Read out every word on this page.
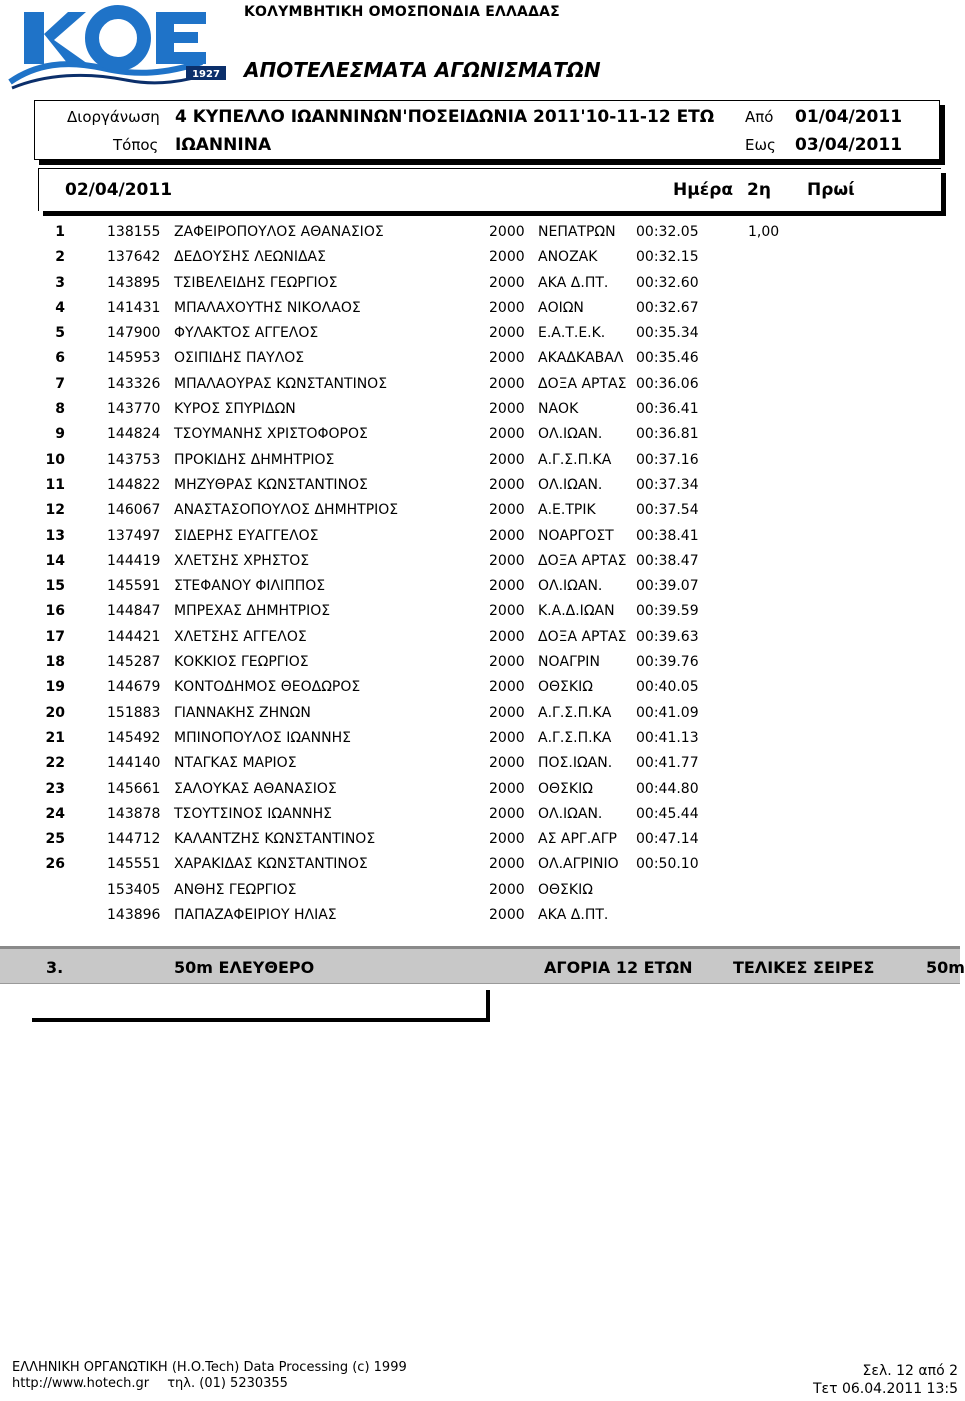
1927
ΚΟΛΥΜΒΗΤΙΚΗ ΟΜΟΣΠΟΝΔΙΑ ΕΛΛΑΔΑΣ
ΑΠΟΤΕΛΕΣΜΑΤΑ ΑΓΩΝΙΣΜΑΤΩΝ
Διοργάνωση 4 ΚΥΠΕΛΛΟ ΙΩΑΝΝΙΝΩΝ'ΠΟΣΕΙΔΩΝΙΑ 2011'10-11-12 ΕΤΩ
Τόπος ΙΩΑΝΝΙΝΑ
Από 01/04/2011
Εως 03/04/2011
02/04/2011	Ημέρα 2η Πρωί
1	138155 ΖΑΦΕΙΡΟΠΟΥΛΟΣ ΑΘΑΝΑΣΙΟΣ	2000 ΝΕΠΑΤΡΩΝ 00:32.05	1,00
2	137642 ΔΕΔΟΥΣΗΣ ΛΕΩΝΙΔΑΣ	2000 ΑΝΟΖΑΚ	00:32.15
3	143895 ΤΣΙΒΕΛΕΙΔΗΣ ΓΕΩΡΓΙΟΣ	2000 ΑΚΑ Δ.ΠΤ. 00:32.60
4	141431 ΜΠΑΛΑΧΟΥΤΗΣ ΝΙΚΟΛΑΟΣ	2000 ΑΟΙΩΝ	00:32.67
5	147900 ΦΥΛΑΚΤΟΣ ΑΓΓΕΛΟΣ	2000 Ε.Α.Τ.Ε.Κ. 00:35.34
6	145953 ΟΣΙΠΙΔΗΣ ΠΑΥΛΟΣ	2000 ΑΚΑΔΚΑΒΑΛ 00:35.46
7	143326 ΜΠΑΛΑΟΥΡΑΣ ΚΩΝΣΤΑΝΤΙΝΟΣ	2000 ΔΟΞΑ ΑΡΤΑΣ 00:36.06
8	143770 ΚΥΡΟΣ ΣΠΥΡΙΔΩΝ	2000 ΝΑΟΚ	00:36.41
9	144824 ΤΣΟΥΜΑΝΗΣ ΧΡΙΣΤΟΦΟΡΟΣ	2000 ΟΛ.ΙΩΑΝ. 00:36.81
10	143753 ΠΡΟΚΙΔΗΣ ΔΗΜΗΤΡΙΟΣ	2000 Α.Γ.Σ.Π.ΚΑ 00:37.16
11	144822 ΜΗΖΥΘΡΑΣ ΚΩΝΣΤΑΝΤΙΝΟΣ	2000 ΟΛ.ΙΩΑΝ. 00:37.34
12	146067 ΑΝΑΣΤΑΣΟΠΟΥΛΟΣ ΔΗΜΗΤΡΙΟΣ	2000 Α.Ε.ΤΡΙΚ	00:37.54
13	137497 ΣΙΔΕΡΗΣ ΕΥΑΓΓΕΛΟΣ	2000 ΝΟΑΡΓΟΣΤ 00:38.41
14	144419 ΧΛΕΤΣΗΣ ΧΡΗΣΤΟΣ	2000 ΔΟΞΑ ΑΡΤΑΣ 00:38.47
15	145591 ΣΤΕΦΑΝΟΥ ΦΙΛΙΠΠΟΣ	2000 ΟΛ.ΙΩΑΝ. 00:39.07
16	144847 ΜΠΡΕΧΑΣ ΔΗΜΗΤΡΙΟΣ	2000 Κ.Α.Δ.ΙΩΑΝ 00:39.59
17	144421 ΧΛΕΤΣΗΣ ΑΓΓΕΛΟΣ	2000 ΔΟΞΑ ΑΡΤΑΣ 00:39.63
18	145287 ΚΟΚΚΙΟΣ ΓΕΩΡΓΙΟΣ	2000 ΝΟΑΓΡΙΝ	00:39.76
19	144679 ΚΟΝΤΟΔΗΜΟΣ ΘΕΟΔΩΡΟΣ	2000 ΟΘΣΚΙΩ	00:40.05
20	151883 ΓΙΑΝΝΑΚΗΣ ΖΗΝΩΝ	2000 Α.Γ.Σ.Π.ΚΑ 00:41.09
21	145492 ΜΠΙΝΟΠΟΥΛΟΣ ΙΩΑΝΝΗΣ	2000 Α.Γ.Σ.Π.ΚΑ 00:41.13
22	144140 ΝΤΑΓΚΑΣ ΜΑΡΙΟΣ	2000 ΠΟΣ.ΙΩΑΝ. 00:41.77
23	145661 ΣΑΛΟΥΚΑΣ ΑΘΑΝΑΣΙΟΣ	2000 ΟΘΣΚΙΩ	00:44.80
24	143878 ΤΣΟΥΤΣΙΝΟΣ ΙΩΑΝΝΗΣ	2000 ΟΛ.ΙΩΑΝ. 00:45.44
25	144712 ΚΑΛΑΝΤΖΗΣ ΚΩΝΣΤΑΝΤΙΝΟΣ	2000 ΑΣ ΑΡΓ.ΑΓΡ 00:47.14
26	145551 ΧΑΡΑΚΙΔΑΣ ΚΩΝΣΤΑΝΤΙΝΟΣ	2000 ΟΛ.ΑΓΡΙΝΙΟ 00:50.10
153405 ΑΝΘΗΣ ΓΕΩΡΓΙΟΣ	2000 ΟΘΣΚΙΩ
143896 ΠΑΠΑΖΑΦΕΙΡΙΟΥ ΗΛΙΑΣ	2000 ΑΚΑ Δ.ΠΤ.
3.	50m ΕΛΕΥΘΕΡΟ	ΑΓΟΡΙΑ 12 ΕΤΩΝ	ΤΕΛΙΚΕΣ ΣΕΙΡΕΣ	50m
ΕΛΛΗΝΙΚΗ ΟΡΓΑΝΩΤΙΚΗ (Η.Ο.Tech) Data Processing (c) 1999
http://www.hotech.gr τηλ. (01) 5230355
Σελ. 12 από 2
Τετ 06.04.2011 13:5
